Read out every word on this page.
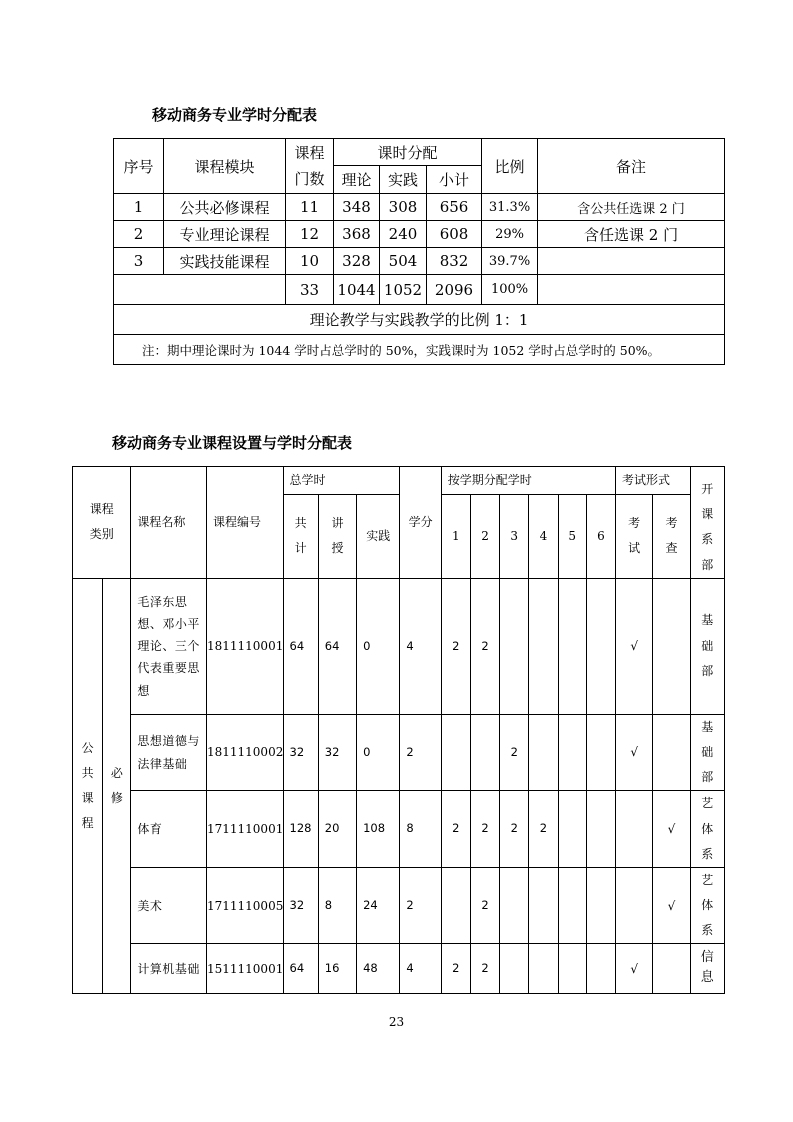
移动商务专业学时分配表
序号	课程模块	课程门数	课时分配			比例	备注
			理论	实践	小计		
1	公共必修课程	11	348	308	656	31.3%	含公共任选课 2 门
2	专业理论课程	12	368	240	608	29%	含任选课 2 门
3	实践技能课程	10	328	504	832	39.7%	
		33	1044	1052	2096	100%	
理论教学与实践教学的比例 1：1							
注：期中理论课时为 1044 学时占总学时的 50%，实践课时为 1052 学时占总学时的 50%。							
移动商务专业课程设置与学时分配表
课程类别		课程名称	课程编号	总学时			学分	按学期分配学时						考试形式		开课系部
				共计	讲授	实践		1	2	3	4	5	6	考试	考查	
公共课程	必修	毛泽东思想、邓小平理论、三个代表重要思想	1811110001	64	64	0	4	2	2					√		基础部
		思想道德与法律基础	1811110002	32	32	0	2			2				√		基础部
		体育	1711110001	128	20	108	8	2	2	2	2				√	艺体系
		美术	1711110005	32	8	24	2		2						√	艺体系
		计算机基础	1511110001	64	16	48	4	2	2					√		信息
23
